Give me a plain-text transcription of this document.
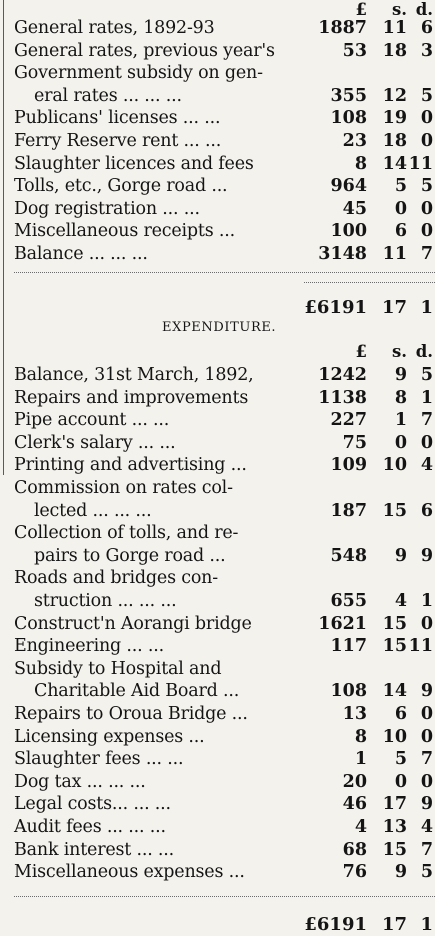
£ s. d.
General rates, 1892-93	1887 11 6
General rates, previous year's	53 18 3
Government subsidy on gen-
eral rates ... ... ...	355 12 5
Publicans' licenses ... ...	108 19 0
Ferry Reserve rent ... ...	23 18 0
Slaughter licences and fees	8 14 11
Tolls, etc., Gorge road ...	964 5 5
Dog registration ... ...	45 0 0
Miscellaneous receipts ...	100 6 0
Balance ... ... ...	3148 11 7
£6191 17 1
EXPENDITURE.
£ s. d.
Balance, 31st March, 1892,	1242 9 5
Repairs and improvements	1138 8 1
Pipe account ... ...	227 1 7
Clerk's salary ... ...	75 0 0
Printing and advertising ...	109 10 4
Commission on rates col-
lected ... ... ...	187 15 6
Collection of tolls, and re-
pairs to Gorge road ...	548 9 9
Roads and bridges con-
struction ... ... ...	655 4 1
Construct'n Aorangi bridge	1621 15 0
Engineering ... ...	117 15 11
Subsidy to Hospital and
Charitable Aid Board ...	108 14 9
Repairs to Oroua Bridge ...	13 6 0
Licensing expenses ...	8 10 0
Slaughter fees ... ...	1 5 7
Dog tax ... ... ...	20 0 0
Legal costs... ... ...	46 17 9
Audit fees ... ... ...	4 13 4
Bank interest ... ...	68 15 7
Miscellaneous expenses ...	76 9 5
£6191 17 1
